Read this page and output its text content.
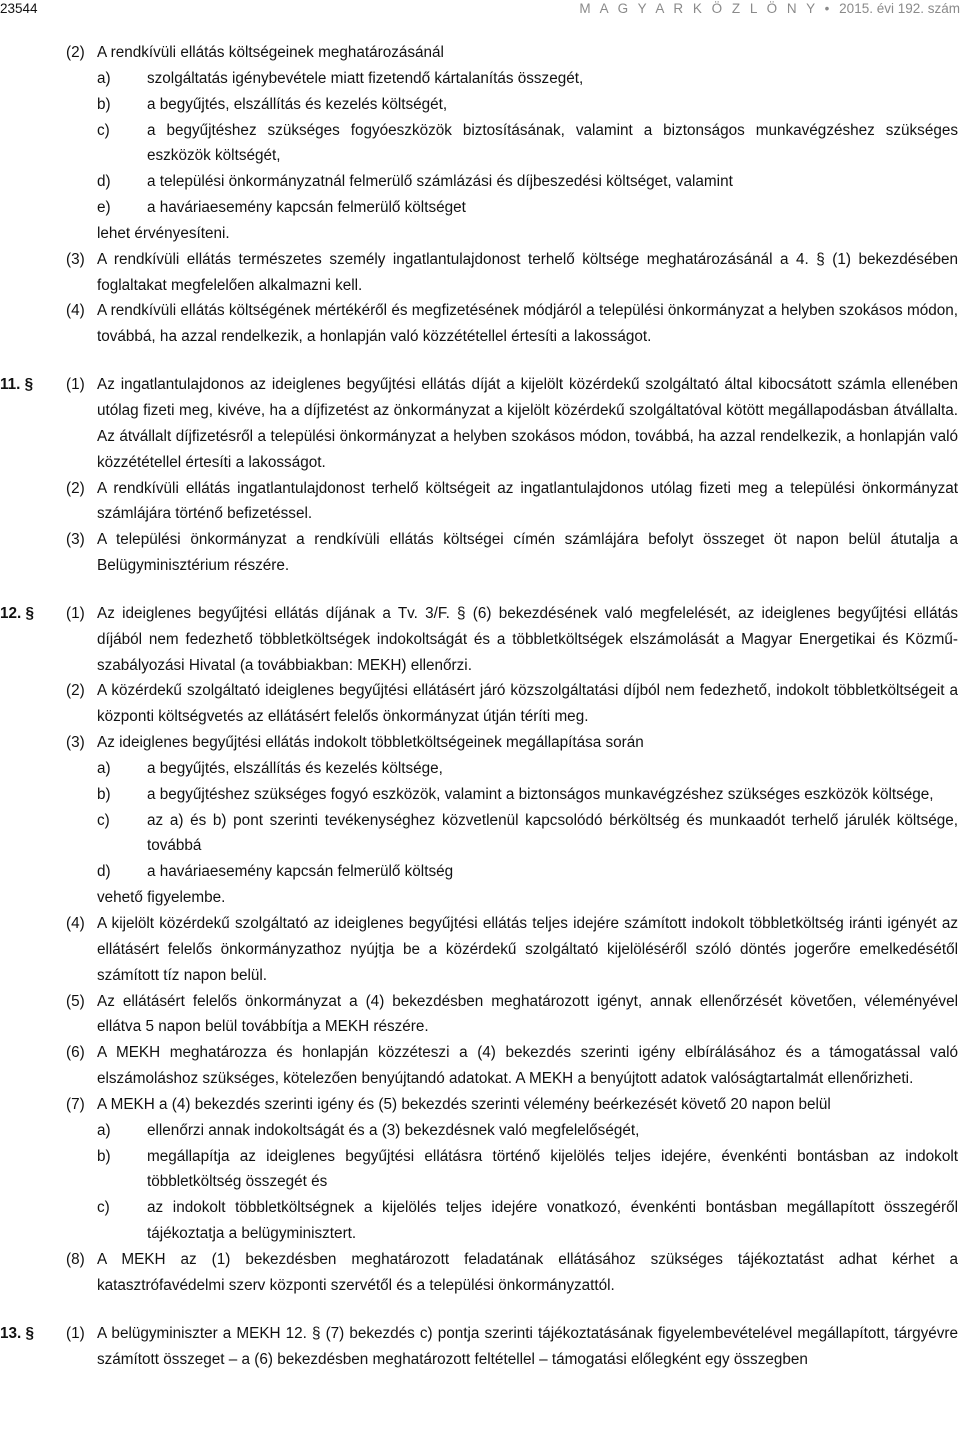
23544	M A G Y A R K Ö Z L Ö N Y • 2015. évi 192. szám
(2) A rendkívüli ellátás költségeinek meghatározásánál
a) szolgáltatás igénybevétele miatt fizetendő kártalanítás összegét,
b) a begyűjtés, elszállítás és kezelés költségét,
c) a begyűjtéshez szükséges fogyóeszközök biztosításának, valamint a biztonságos munkavégzéshez szükséges eszközök költségét,
d) a települési önkormányzatnál felmerülő számlázási és díjbeszedési költséget, valamint
e) a haváriaesemény kapcsán felmerülő költséget
lehet érvényesíteni.
(3) A rendkívüli ellátás természetes személy ingatlantulajdonost terhelő költsége meghatározásánál a 4. § (1) bekezdésében foglaltakat megfelelően alkalmazni kell.
(4) A rendkívüli ellátás költségének mértékéről és megfizetésének módjáról a települési önkormányzat a helyben szokásos módon, továbbá, ha azzal rendelkezik, a honlapján való közzététellel értesíti a lakosságot.
11. §	(1) Az ingatlantulajdonos az ideiglenes begyűjtési ellátás díját a kijelölt közérdekű szolgáltató által kibocsátott számla ellenében utólag fizeti meg, kivéve, ha a díjfizetést az önkormányzat a kijelölt közérdekű szolgáltatóval kötött megállapodásban átvállalta. Az átvállalt díjfizetésről a települési önkormányzat a helyben szokásos módon, továbbá, ha azzal rendelkezik, a honlapján való közzététellel értesíti a lakosságot.
(2) A rendkívüli ellátás ingatlantulajdonost terhelő költségeit az ingatlantulajdonos utólag fizeti meg a települési önkormányzat számlájára történő befizetéssel.
(3) A települési önkormányzat a rendkívüli ellátás költségei címén számlájára befolyt összeget öt napon belül átutalja a Belügyminisztérium részére.
12. §	(1) Az ideiglenes begyűjtési ellátás díjának a Tv. 3/F. § (6) bekezdésének való megfelelését, az ideiglenes begyűjtési ellátás díjából nem fedezhető többletköltségek indokoltságát és a többletköltségek elszámolását a Magyar Energetikai és Közmű-szabályozási Hivatal (a továbbiakban: MEKH) ellenőrzi.
(2) A közérdekű szolgáltató ideiglenes begyűjtési ellátásért járó közszolgáltatási díjból nem fedezhető, indokolt többletköltségeit a központi költségvetés az ellátásért felelős önkormányzat útján téríti meg.
(3) Az ideiglenes begyűjtési ellátás indokolt többletköltségeinek megállapítása során
a) a begyűjtés, elszállítás és kezelés költsége,
b) a begyűjtéshez szükséges fogyó eszközök, valamint a biztonságos munkavégzéshez szükséges eszközök költsége,
c) az a) és b) pont szerinti tevékenységhez közvetlenül kapcsolódó bérköltség és munkaadót terhelő járulék költsége, továbbá
d) a haváriaesemény kapcsán felmerülő költség
vehető figyelembe.
(4) A kijelölt közérdekű szolgáltató az ideiglenes begyűjtési ellátás teljes idejére számított indokolt többletköltség iránti igényét az ellátásért felelős önkormányzathoz nyújtja be a közérdekű szolgáltató kijelöléséről szóló döntés jogerőre emelkedésétől számított tíz napon belül.
(5) Az ellátásért felelős önkormányzat a (4) bekezdésben meghatározott igényt, annak ellenőrzését követően, véleményével ellátva 5 napon belül továbbítja a MEKH részére.
(6) A MEKH meghatározza és honlapján közzéteszi a (4) bekezdés szerinti igény elbírálásához és a támogatással való elszámoláshoz szükséges, kötelezően benyújtandó adatokat. A MEKH a benyújtott adatok valóságtartalmát ellenőrizheti.
(7) A MEKH a (4) bekezdés szerinti igény és (5) bekezdés szerinti vélemény beérkezését követő 20 napon belül
a) ellenőrzi annak indokoltságát és a (3) bekezdésnek való megfelelőségét,
b) megállapítja az ideiglenes begyűjtési ellátásra történő kijelölés teljes idejére, évenkénti bontásban az indokolt többletköltség összegét és
c) az indokolt többletköltségnek a kijelölés teljes idejére vonatkozó, évenkénti bontásban megállapított összegéről tájékoztatja a belügyminisztert.
(8) A MEKH az (1) bekezdésben meghatározott feladatának ellátásához szükséges tájékoztatást adhat kérhet a katasztrófavédelmi szerv központi szervétől és a települési önkormányzattól.
13. §	(1) A belügyminiszter a MEKH 12. § (7) bekezdés c) pontja szerinti tájékoztatásának figyelembevételével megállapított, tárgyévre számított összeget – a (6) bekezdésben meghatározott feltétellel – támogatási előlegként egy összegben
